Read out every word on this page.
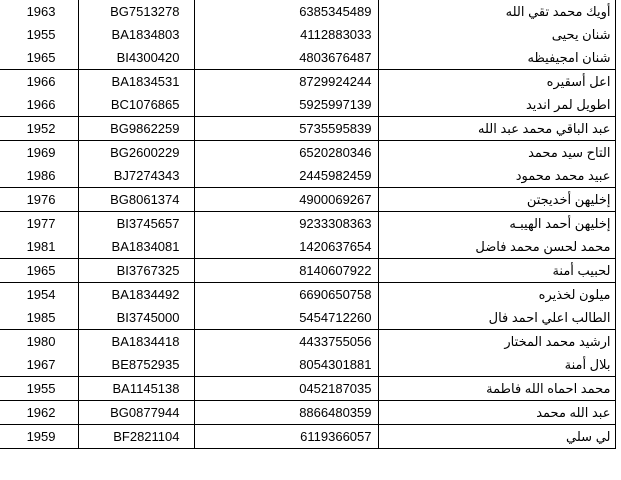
1963	BG7513278	6385345489	أويك محمد تقي الله
1955	BA1834803	4112883033	شنان يحيى
1965	BI4300420	4803676487	شنان امجيفيظه
1966	BA1834531	8729924244	اعل أسقيره
1966	BC1076865	5925997139	اطويل لمر انديد
1952	BG9862259	5735595839	عبد الباقي محمد عبد الله
1969	BG2600229	6520280346	التاح سيد محمد
1986	BJ7274343	2445982459	عبيد محمد محمود
1976	BG8061374	4900069267	إخليهن أخديجتن
1977	BI3745657	9233308363	إخليهن أحمد الهيبـه
1981	BA1834081	1420637654	محمد لحسن محمد فاضل
1965	BI3767325	8140607922	لحبيب أمنة
1954	BA1834492	6690650758	ميلون لخذيره
1985	BI3745000	5454712260	الطالب اعلي احمد فال
1980	BA1834418	4433755056	ارشيد محمد المختار
1967	BE8752935	8054301881	بلال أمنة
1955	BA1145138	0452187035	محمد احماه الله فاطمة
1962	BG0877944	8866480359	عبد الله محمد
1959	BF2821104	6119366057	لي سلي
